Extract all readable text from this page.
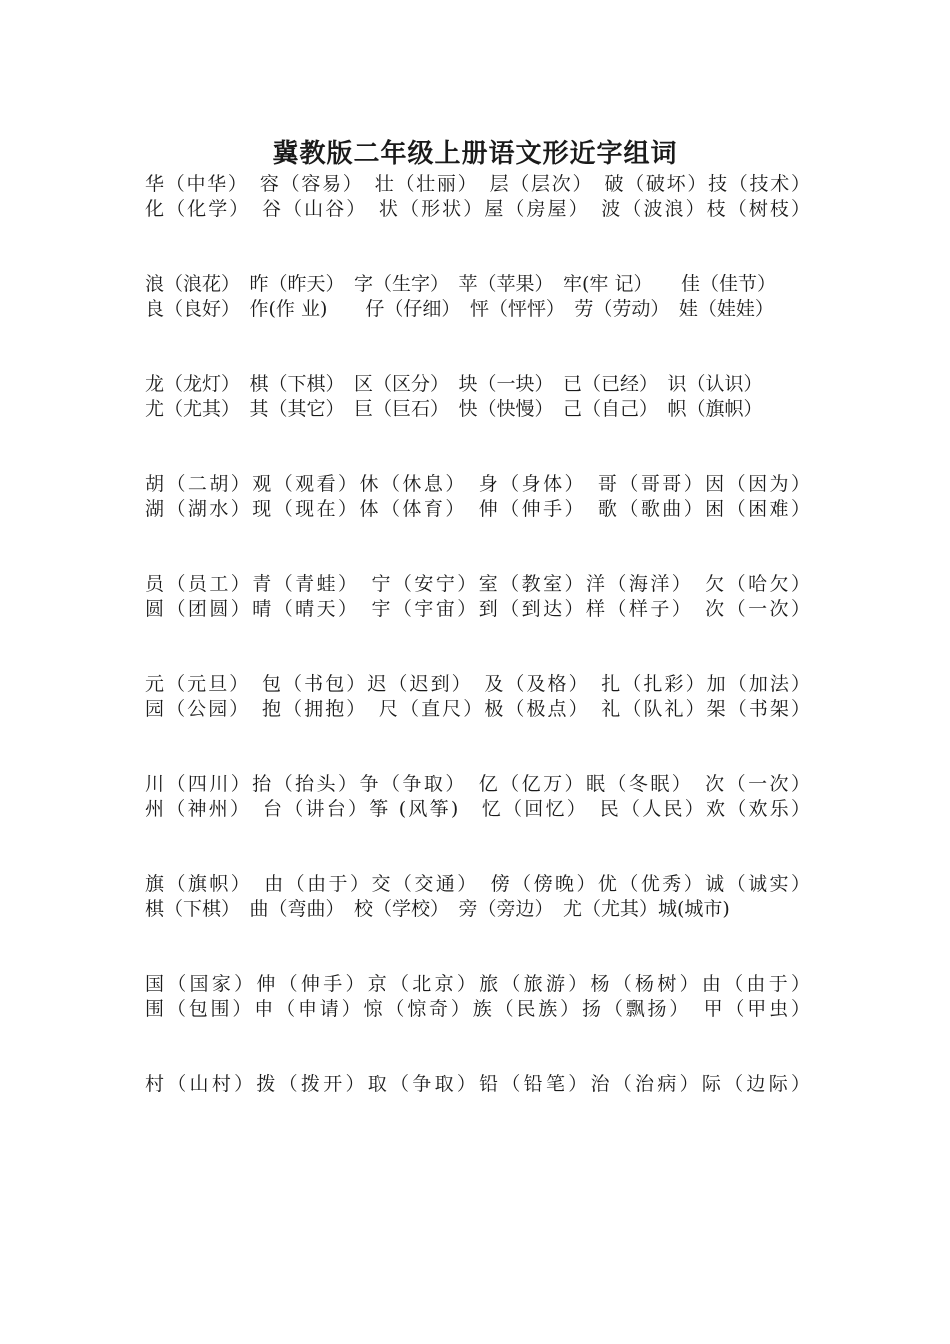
冀教版二年级上册语文形近字组词
华（中华）　容（容易）　壮（壮丽）　层（层次）　破（破坏）技（技术）
化（化学）　谷（山谷）　状（形状）屋（房屋）　波（波浪）枝（树枝）
浪（浪花）　昨（昨天）　字（生字）　苹（苹果）　牢(牢 记）　　佳（佳节）
良（良好）　作(作 业)　　仔（仔细）　怦（怦怦）　劳（劳动）　娃（娃娃）
龙（龙灯）　棋（下棋）　区（区分）　块（一块）　已（已经）　识（认识）
尤（尤其）　其（其它）　巨（巨石）　快（快慢）　己（自己）　帜（旗帜）
胡（二胡）观（观看）休（休息）　身（身体）　哥（哥哥）因（因为）
湖（湖水）现（现在）体（体育）　伸（伸手）　歌（歌曲）困（困难）
员（员工）青（青蛙）　宁（安宁）室（教室）洋（海洋）　欠（哈欠）
圆（团圆）晴（晴天）　宇（宇宙）到（到达）样（样子）　次（一次）
元（元旦）　包（书包）迟（迟到）　及（及格）　扎（扎彩）加（加法）
园（公园）　抱（拥抱）　尺（直尺）极（极点）　礼（队礼）架（书架）
川（四川）抬（抬头）争（争取）　亿（亿万）眠（冬眠）　次（一次）
州（神州）　台（讲台）筝 (风筝)　忆（回忆）　民（人民）欢（欢乐）
旗（旗帜）　由（由于）交（交通）　傍（傍晚）优（优秀）诚（诚实）
棋（下棋）　曲（弯曲）　校（学校）　旁（旁边）　尤（尤其）城(城市)
国（国家）伸（伸手）京（北京）旅（旅游）杨（杨树）由（由于）
围（包围）申（申请）惊（惊奇）族（民族）扬（飘扬）　甲（甲虫）
村（山村）拨（拨开）取（争取）铅（铅笔）治（治病）际（边际）
